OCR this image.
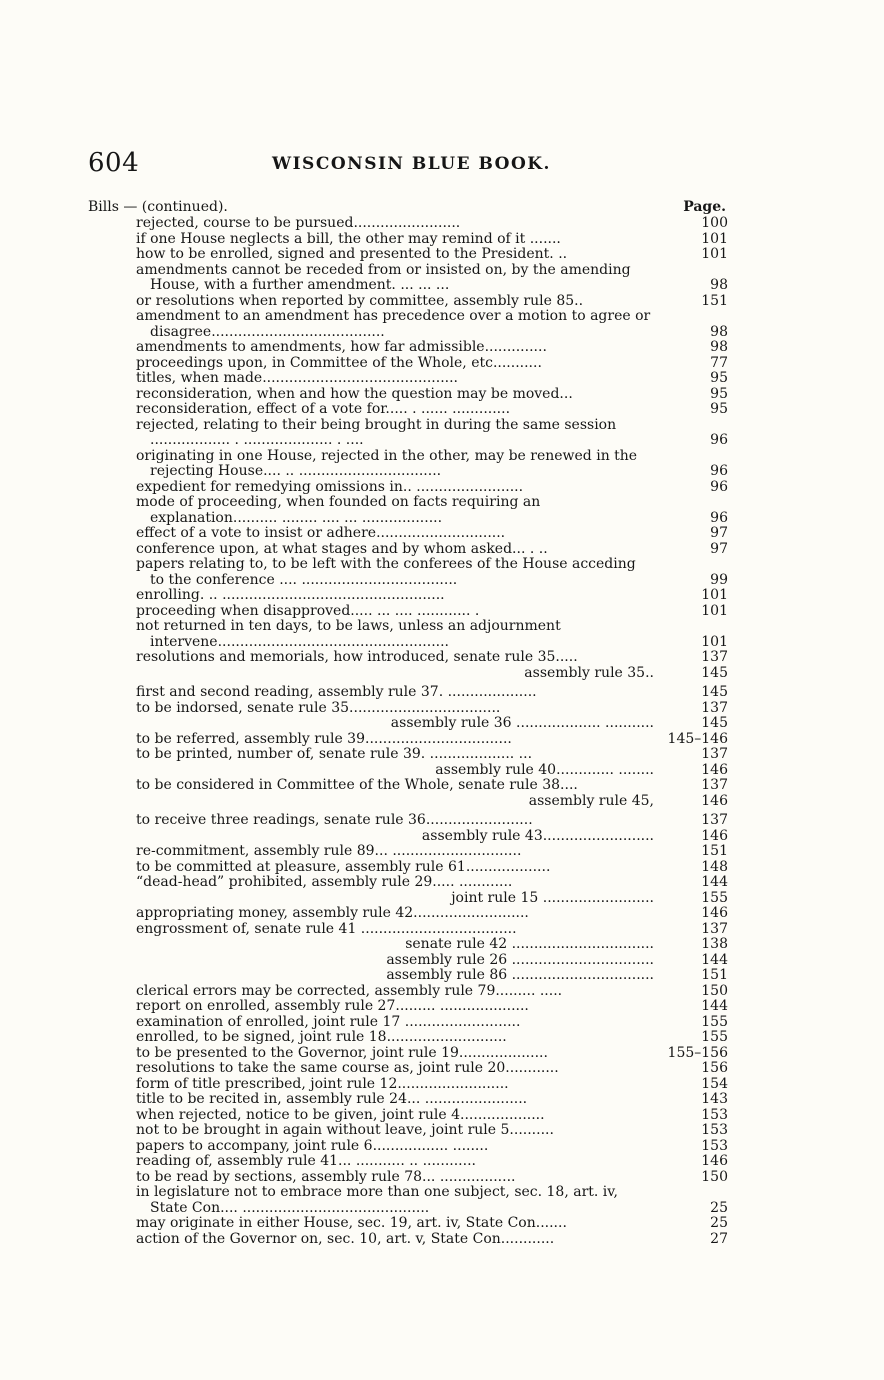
604	WISCONSIN BLUE BOOK.
Bills — (continued).	Page.
rejected, course to be pursued........................	100
if one House neglects a bill, the other may remind of it .......	101
how to be enrolled, signed and presented to the President. ..	101
amendments cannot be receded from or insisted on, by the amending House, with a further amendment. ... ... ...	98
or resolutions when reported by committee, assembly rule 85..	151
amendment to an amendment has precedence over a motion to agree or disagree.......................................	98
amendments to amendments, how far admissible..............	98
proceedings upon, in Committee of the Whole, etc...........	77
titles, when made............................................	95
reconsideration, when and how the question may be moved...	95
reconsideration, effect of a vote for..... . ...... .............	95
rejected, relating to their being brought in during the same session .................. . .................... . ....	96
originating in one House, rejected in the other, may be renewed in the rejecting House.... .. ................................	96
expedient for remedying omissions in.. ........................	96
mode of proceeding, when founded on facts requiring an explanation.......... ........ .... ... ..................	96
effect of a vote to insist or adhere.............................	97
conference upon, at what stages and by whom asked... . ..	97
papers relating to, to be left with the conferees of the House acceding to the conference .... ...................................	99
enrolling. .. ..................................................	101
proceeding when disapproved..... ... .... ............ .	101
not returned in ten days, to be laws, unless an adjournment intervene....................................................	101
resolutions and memorials, how introduced, senate rule 35.....	137
assembly rule 35..	145
first and second reading, assembly rule 37. ....................	145
to be indorsed, senate rule 35..................................	137
assembly rule 36 ................... ...........	145
to be referred, assembly rule 39.................................	145–146
to be printed, number of, senate rule 39. ................... ...	137
assembly rule 40............. ........	146
to be considered in Committee of the Whole, senate rule 38....	137
assembly rule 45,	146
to receive three readings, senate rule 36........................	137
assembly rule 43.........................	146
re-commitment, assembly rule 89... .............................	151
to be committed at pleasure, assembly rule 61...................	148
“dead-head” prohibited, assembly rule 29..... ............	144
joint rule 15 .........................	155
appropriating money, assembly rule 42..........................	146
engrossment of, senate rule 41 ...................................	137
senate rule 42 ................................	138
assembly rule 26 ................................	144
assembly rule 86 ................................	151
clerical errors may be corrected, assembly rule 79......... .....	150
report on enrolled, assembly rule 27......... ....................	144
examination of enrolled, joint rule 17 ..........................	155
enrolled, to be signed, joint rule 18...........................	155
to be presented to the Governor, joint rule 19....................	155–156
resolutions to take the same course as, joint rule 20............	156
form of title prescribed, joint rule 12.........................	154
title to be recited in, assembly rule 24... .......................	143
when rejected, notice to be given, joint rule 4...................	153
not to be brought in again without leave, joint rule 5..........	153
papers to accompany, joint rule 6................. ........	153
reading of, assembly rule 41... ........... .. ............	146
to be read by sections, assembly rule 78... .................	150
in legislature not to embrace more than one subject, sec. 18, art. iv, State Con.... ..........................................	25
may originate in either House, sec. 19, art. iv, State Con.......	25
action of the Governor on, sec. 10, art. v, State Con............	27
